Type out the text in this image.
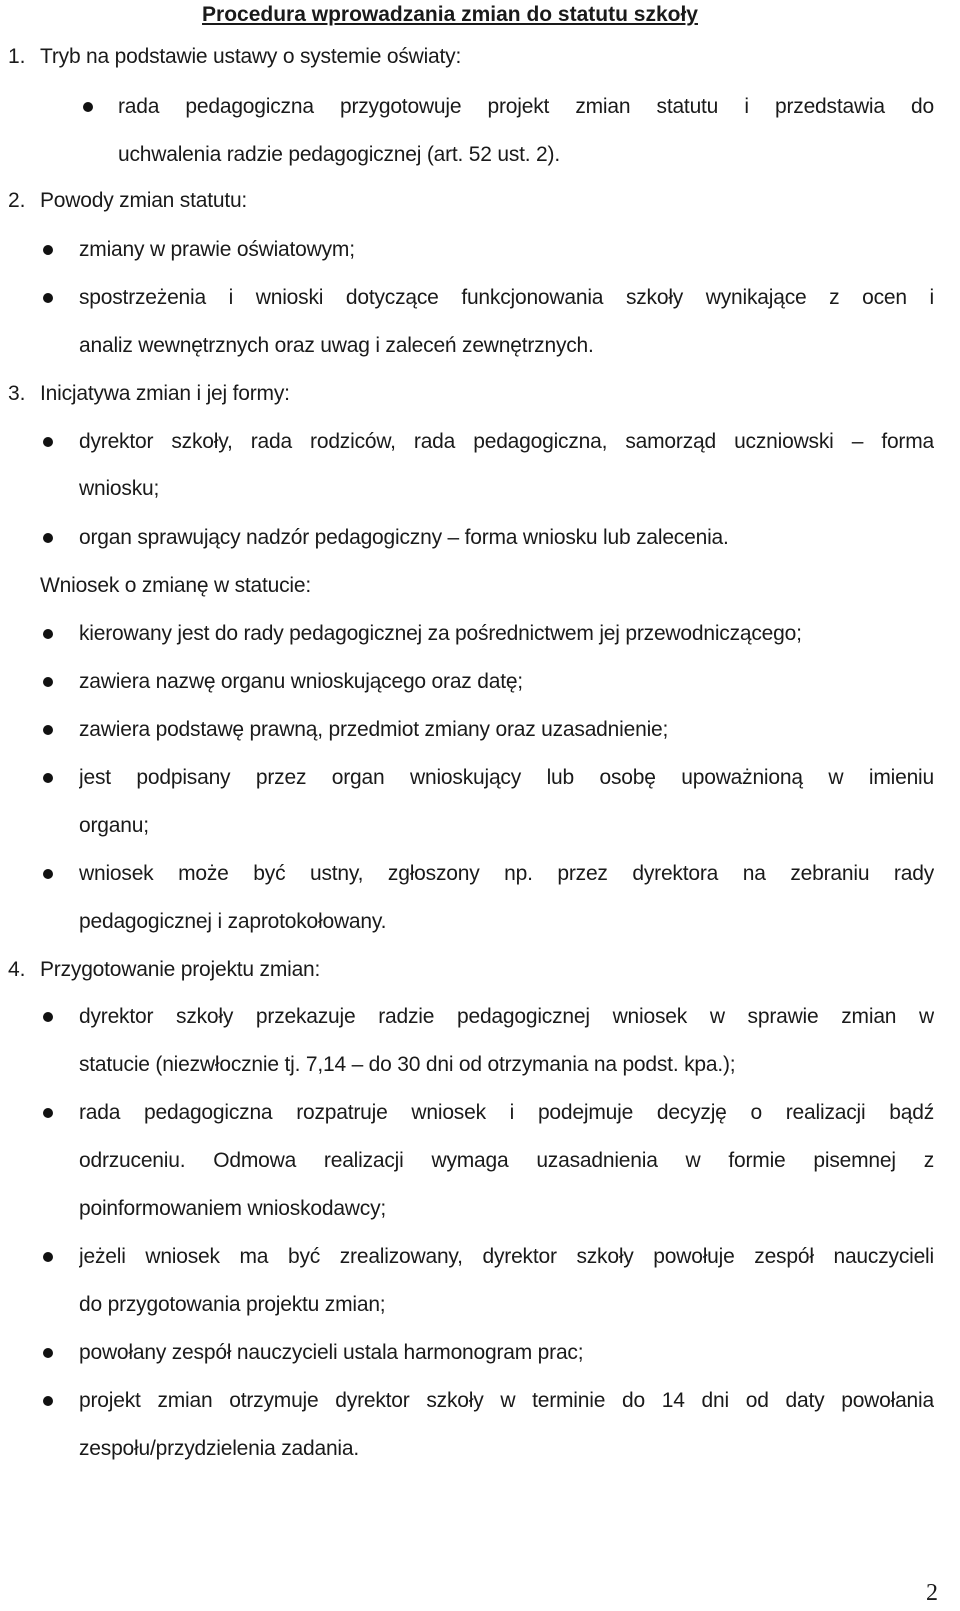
Procedura wprowadzania zmian do statutu szkoły
1. Tryb na podstawie ustawy o systemie oświaty:
rada pedagogiczna przygotowuje projekt zmian statutu i przedstawia do
uchwalenia radzie pedagogicznej (art. 52 ust. 2).
2. Powody zmian statutu:
zmiany w prawie oświatowym;
spostrzeżenia i wnioski dotyczące funkcjonowania szkoły wynikające z ocen i
analiz wewnętrznych oraz uwag i zaleceń zewnętrznych.
3. Inicjatywa zmian i jej formy:
dyrektor szkoły, rada rodziców, rada pedagogiczna, samorząd uczniowski – forma
wniosku;
organ sprawujący nadzór pedagogiczny – forma wniosku lub zalecenia.
Wniosek o zmianę w statucie:
kierowany jest do rady pedagogicznej za pośrednictwem jej przewodniczącego;
zawiera nazwę organu wnioskującego oraz datę;
zawiera podstawę prawną, przedmiot zmiany oraz uzasadnienie;
jest podpisany przez organ wnioskujący lub osobę upoważnioną w imieniu
organu;
wniosek może być ustny, zgłoszony np. przez dyrektora na zebraniu rady
pedagogicznej i zaprotokołowany.
4. Przygotowanie projektu zmian:
dyrektor szkoły przekazuje radzie pedagogicznej wniosek w sprawie zmian w
statucie (niezwłocznie tj. 7,14 – do 30 dni od otrzymania na podst. kpa.);
rada pedagogiczna rozpatruje wniosek i podejmuje decyzję o realizacji bądź
odrzuceniu. Odmowa realizacji wymaga uzasadnienia w formie pisemnej z
poinformowaniem wnioskodawcy;
jeżeli wniosek ma być zrealizowany, dyrektor szkoły powołuje zespół nauczycieli
do przygotowania projektu zmian;
powołany zespół nauczycieli ustala harmonogram prac;
projekt zmian otrzymuje dyrektor szkoły w terminie do 14 dni od daty powołania
zespołu/przydzielenia zadania.
2
